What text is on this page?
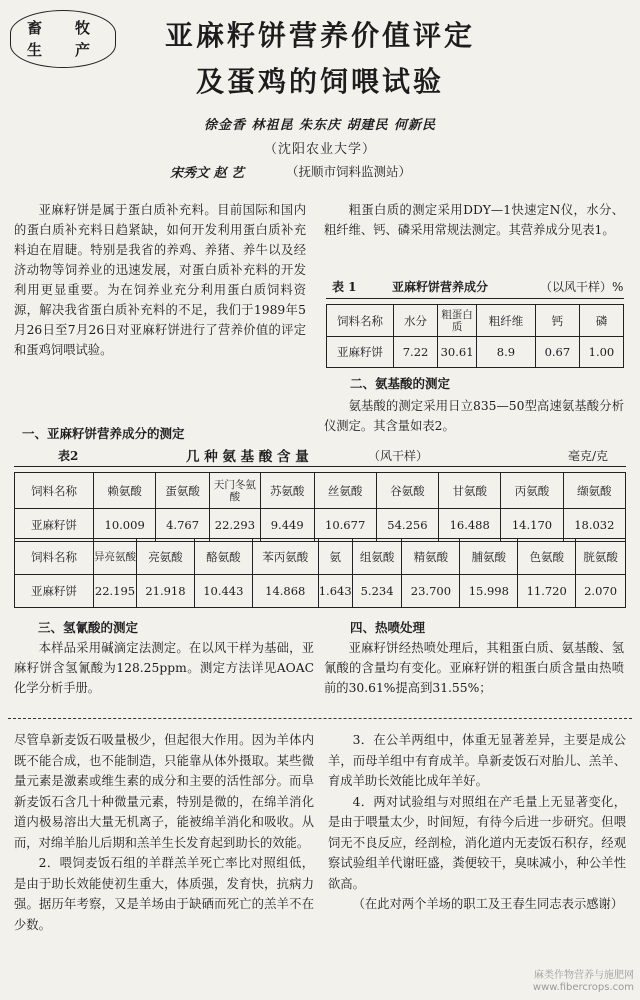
畜 牧
生 产	亚麻籽饼营养价值评定
及蛋鸡的饲喂试验
徐金香 林祖昆 朱东庆 胡建民 何新民
（沈阳农业大学）
宋秀文 赵 艺	（抚顺市饲料监测站）

亚麻籽饼是属于蛋白质补充料。目前国际和国内的蛋白质补充料日趋紧缺，如何开发利用蛋白质补充料迫在眉睫。特别是我省的养鸡、养猪、养牛以及经济动物等饲养业的迅速发展，对蛋白质补充料的开发利用更显重要。为在饲养业充分利用蛋白质饲料资源，解决我省蛋白质补充料的不足，我们于1989年5月26日至7月26日对亚麻籽饼进行了营养价值的评定和蛋鸡饲喂试验。

一、亚麻籽饼营养成分的测定

粗蛋白质的测定采用DDY—1快速定N仪，水分、粗纤维、钙、磷采用常规法测定。其营养成分见表1。

表 1	亚麻籽饼营养成分	（以风干样）%
饲料名称	水分	粗蛋白质	粗纤维	钙	磷
亚麻籽饼	7.22	30.61	8.9	0.67	1.00
二、氨基酸的测定

氨基酸的测定采用日立835—50型高速氨基酸分析仪测定。其含量如表2。

表2	几 种 氨 基 酸 含 量	（风干样）	毫克/克
饲料名称	赖氨酸	蛋氨酸	天门冬氨酸	苏氨酸	丝氨酸	谷氨酸	甘氨酸	丙氨酸	缬氨酸
亚麻籽饼	10.009	4.767	22.293	9.449	10.677	54.256	16.488	14.170	18.032
饲料名称	异亮氨酸	亮氨酸	酪氨酸	苯丙氨酸	氨	组氨酸	精氨酸	脯氨酸	色氨酸	胱氨酸
亚麻籽饼	22.195	21.918	10.443	14.868	1.643	5.234	23.700	15.998	11.720	2.070
三、氢氰酸的测定

本样品采用碱滴定法测定。在以风干样为基础，亚麻籽饼含氢氰酸为128.25ppm。测定方法详见AOAC化学分析手册。

四、热喷处理

亚麻籽饼经热喷处理后，其粗蛋白质、氨基酸、氢氰酸的含量均有变化。亚麻籽饼的粗蛋白质含量由热喷前的30.61%提高到31.55%；

尽管阜新麦饭石吸量极少，但起很大作用。因为羊体内既不能合成，也不能制造，只能靠从体外摄取。某些微量元素是激素或维生素的成分和主要的活性部分。而阜新麦饭石含几十种微量元素，特别是微的，在绵羊消化道内极易溶出大量无机离子，能被绵羊消化和吸收。从而，对绵羊胎儿后期和羔羊生长发育起到助长的效能。

2．喂饲麦饭石组的羊群羔羊死亡率比对照组低，是由于助长效能使初生重大，体质强，发育快，抗病力强。据历年考察，又是羊场由于缺硒而死亡的羔羊不在少数。

3．在公羊两组中，体重无显著差异，主要是成公羊，而母羊组中有育成羊。阜新麦饭石对胎儿、羔羊、育成羊助长效能比成年羊好。

4．两对试验组与对照组在产毛量上无显著变化，是由于喂量太少，时间短，有待今后进一步研究。但喂饲无不良反应，经剖检，消化道内无麦饭石积存，经观察试验组羊代谢旺盛，粪便较干，臭味减小，种公羊性欲高。

（在此对两个羊场的职工及王春生同志表示感谢）

麻类作物营养与施肥网
www.fibercrops.com
